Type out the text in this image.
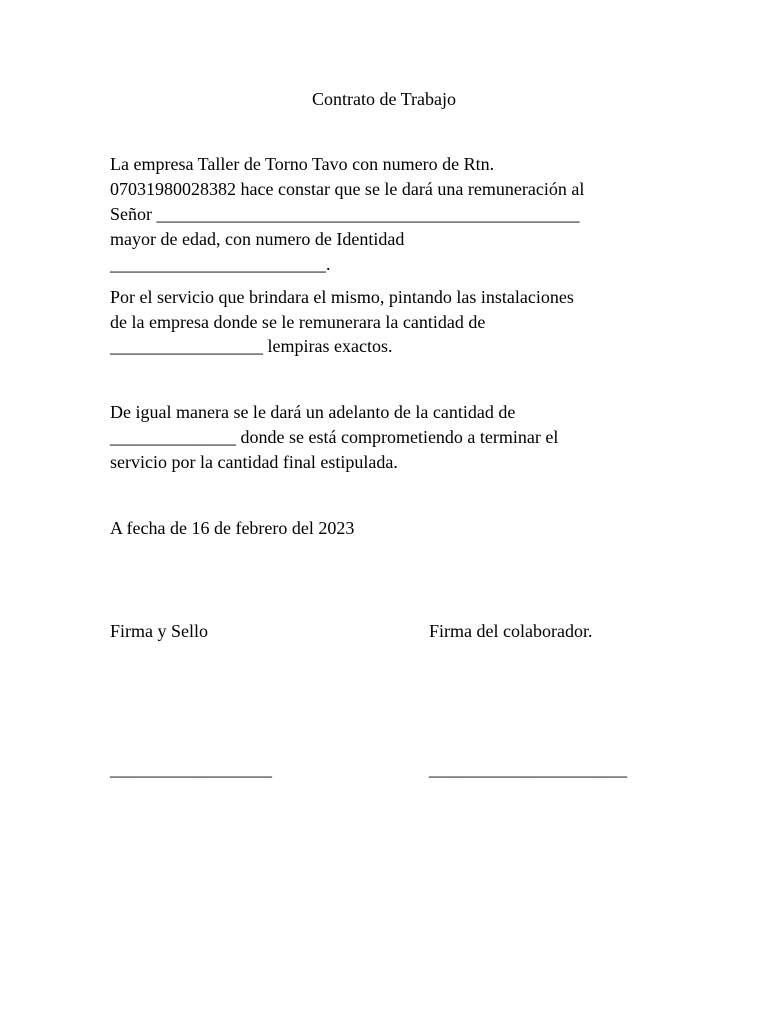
Contrato de Trabajo
La empresa Taller de Torno Tavo con numero de Rtn.
07031980028382 hace constar que se le dará una remuneración al
Señor _______________________________________________
mayor de edad, con numero de Identidad
________________________.
Por el servicio que brindara el mismo, pintando las instalaciones
de la empresa donde se le remunerara la cantidad de
_________________ lempiras exactos.
De igual manera se le dará un adelanto de la cantidad de
______________ donde se está comprometiendo a terminar el
servicio por la cantidad final estipulada.
A fecha de 16 de febrero del 2023
Firma y Sello	Firma del colaborador.
__________________	______________________
